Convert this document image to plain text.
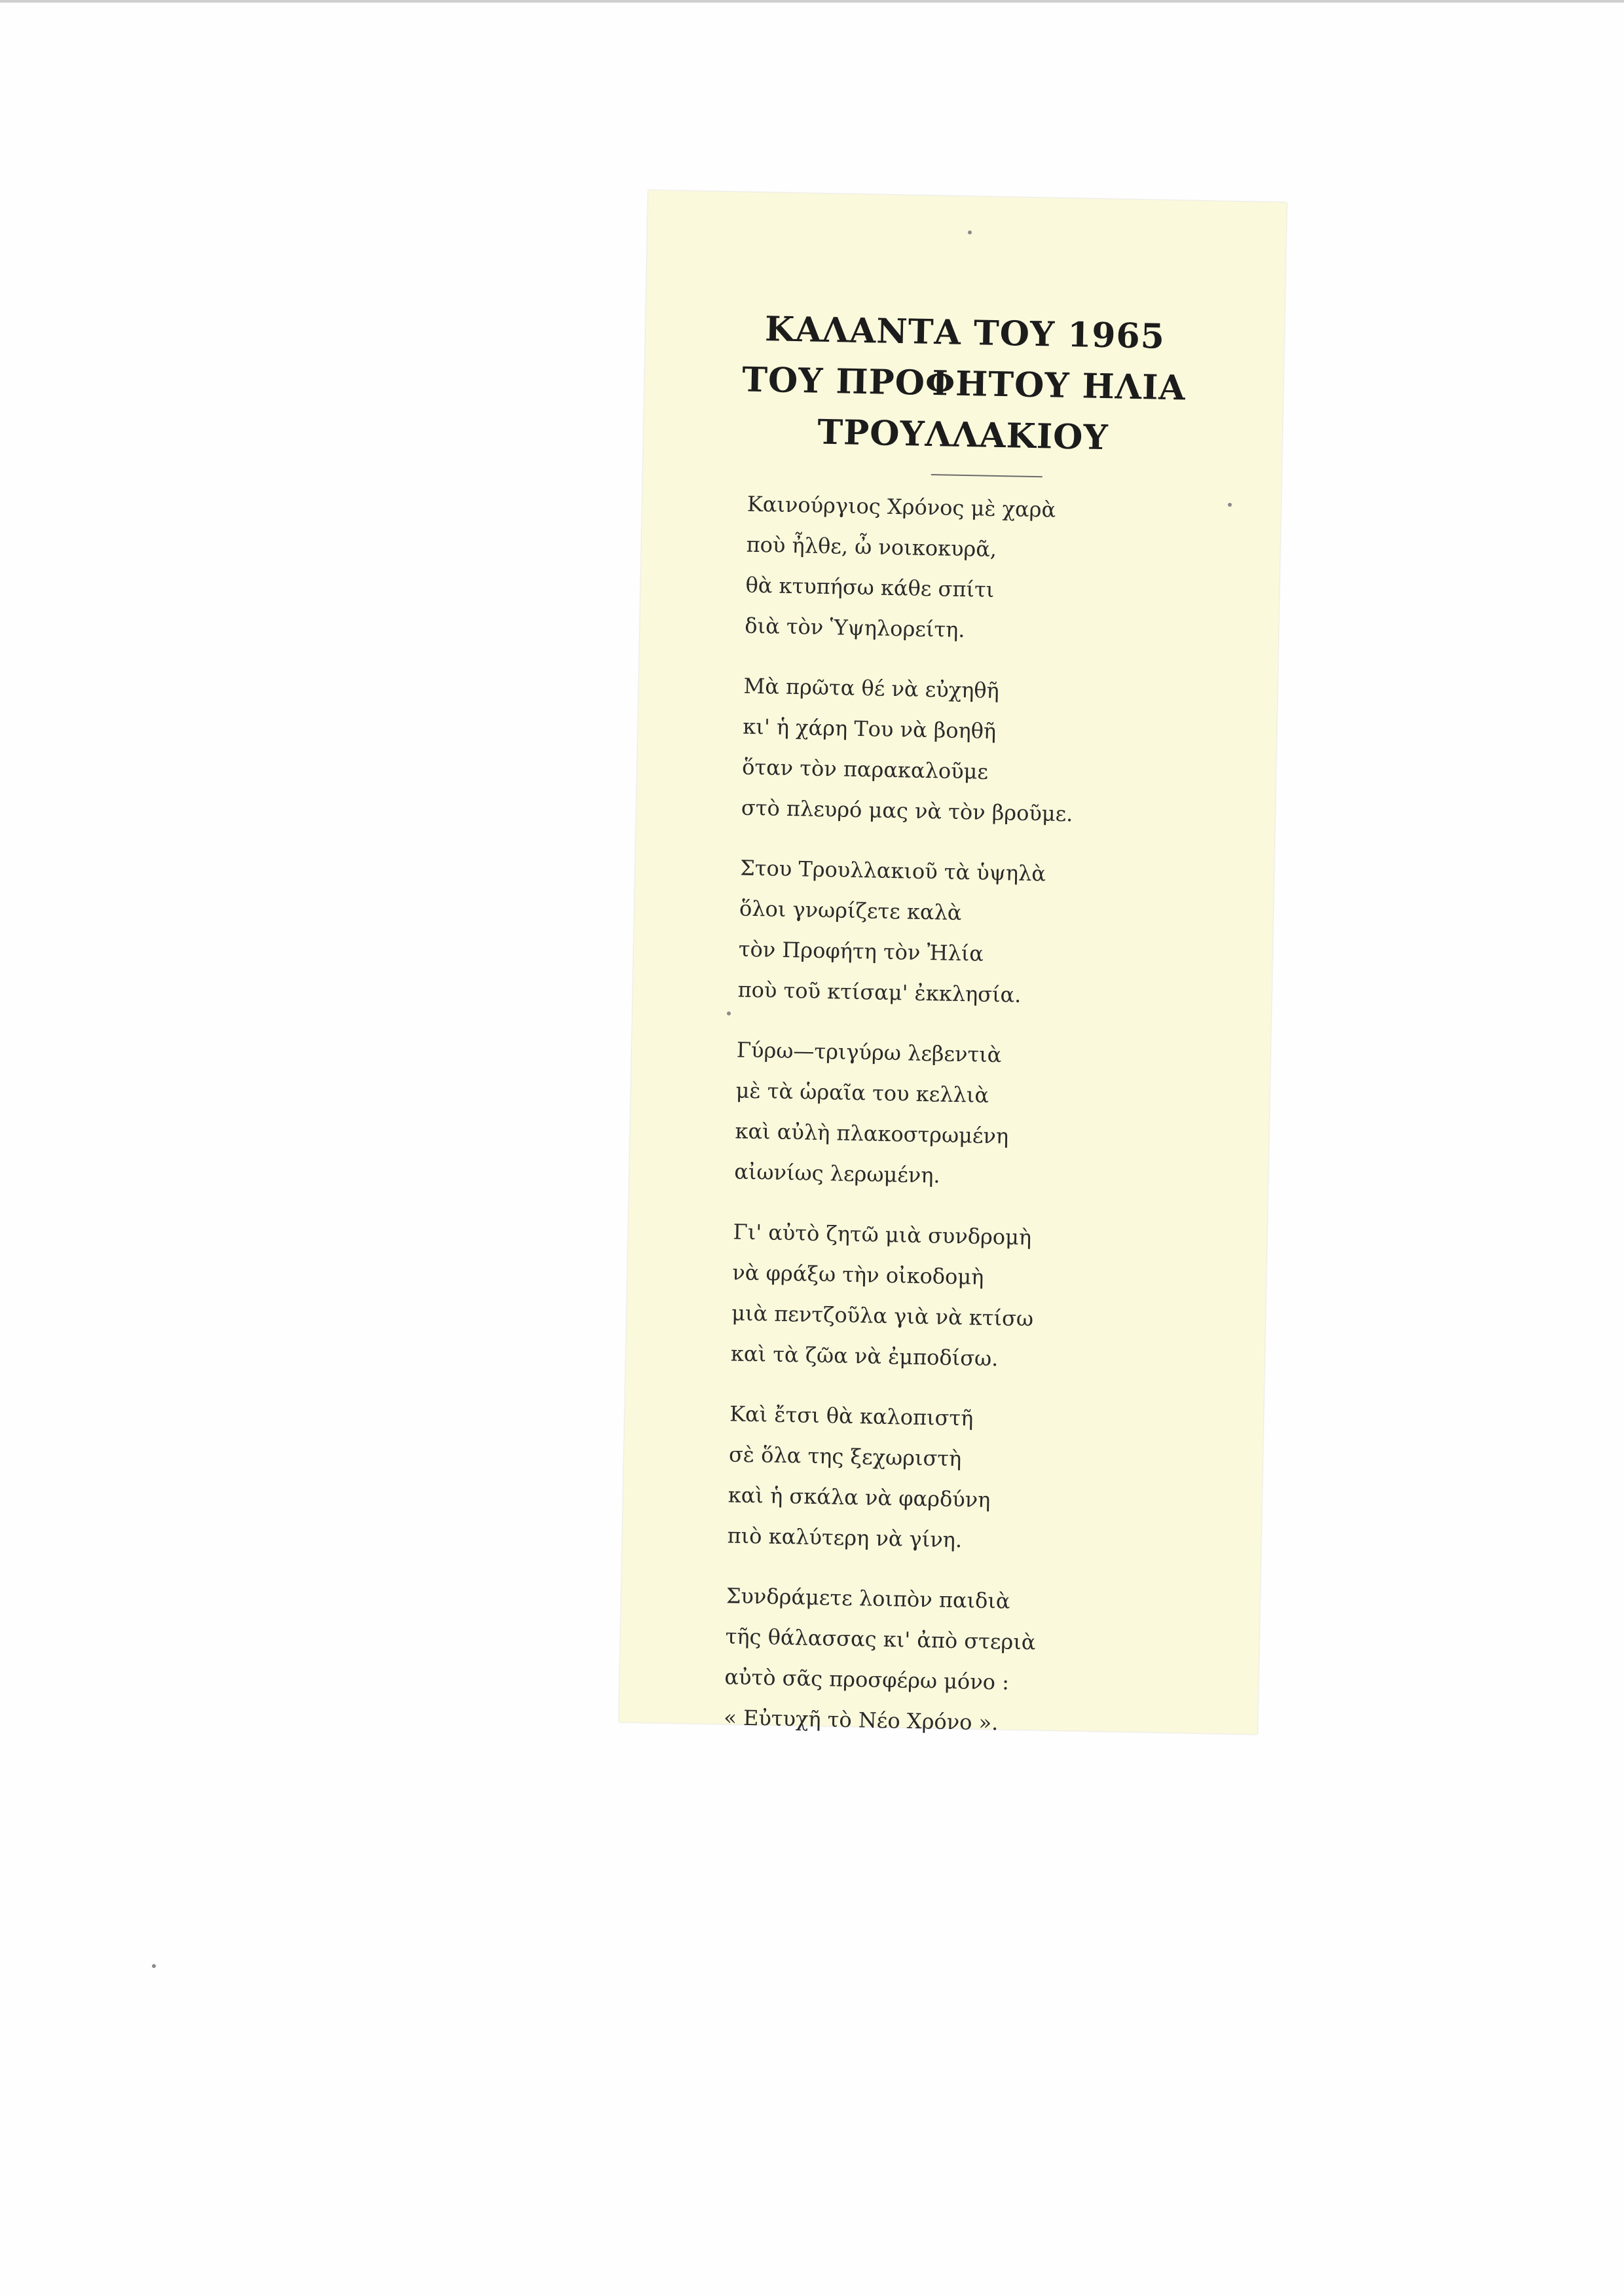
ΚΑΛΑΝΤΑ ΤΟΥ 1965
ΤΟΥ ΠΡΟΦΗΤΟΥ ΗΛΙΑ
ΤΡΟΥΛΛΑΚΙΟΥ
Καινούργιος Χρόνος μὲ χαρὰ
ποὺ ἦλθε, ὦ νοικοκυρᾶ,
θὰ κτυπήσω κάθε σπίτι
διὰ τὸν Ὑψηλορείτη.
Μὰ πρῶτα θέ νὰ εὐχηθῆ
κι' ἡ χάρη Του νὰ βοηθῆ
ὅταν τὸν παρακαλοῦμε
στὸ πλευρό μας νὰ τὸν βροῦμε.
Στου Τρουλλακιοῦ τὰ ὑψηλὰ
ὅλοι γνωρίζετε καλὰ
τὸν Προφήτη τὸν Ἠλία
ποὺ τοῦ κτίσαμ' ἐκκλησία.
Γύρω—τριγύρω λεβεντιὰ
μὲ τὰ ὡραῖα του κελλιὰ
καὶ αὐλὴ πλακοστρωμένη
αἰωνίως λερωμένη.
Γι' αὐτὸ ζητῶ μιὰ συνδρομὴ
νὰ φράξω τὴν οἰκοδομὴ
μιὰ πεντζοῦλα γιὰ νὰ κτίσω
καὶ τὰ ζῶα νὰ ἐμποδίσω.
Καὶ ἔτσι θὰ καλοπιστῆ
σὲ ὅλα της ξεχωριστὴ
καὶ ἡ σκάλα νὰ φαρδύνη
πιὸ καλύτερη νὰ γίνη.
Συνδράμετε λοιπὸν παιδιὰ
τῆς θάλασσας κι' ἀπὸ στεριὰ
αὐτὸ σᾶς προσφέρω μόνο :
« Εὐτυχῆ τὸ Νέο Χρόνο ».
